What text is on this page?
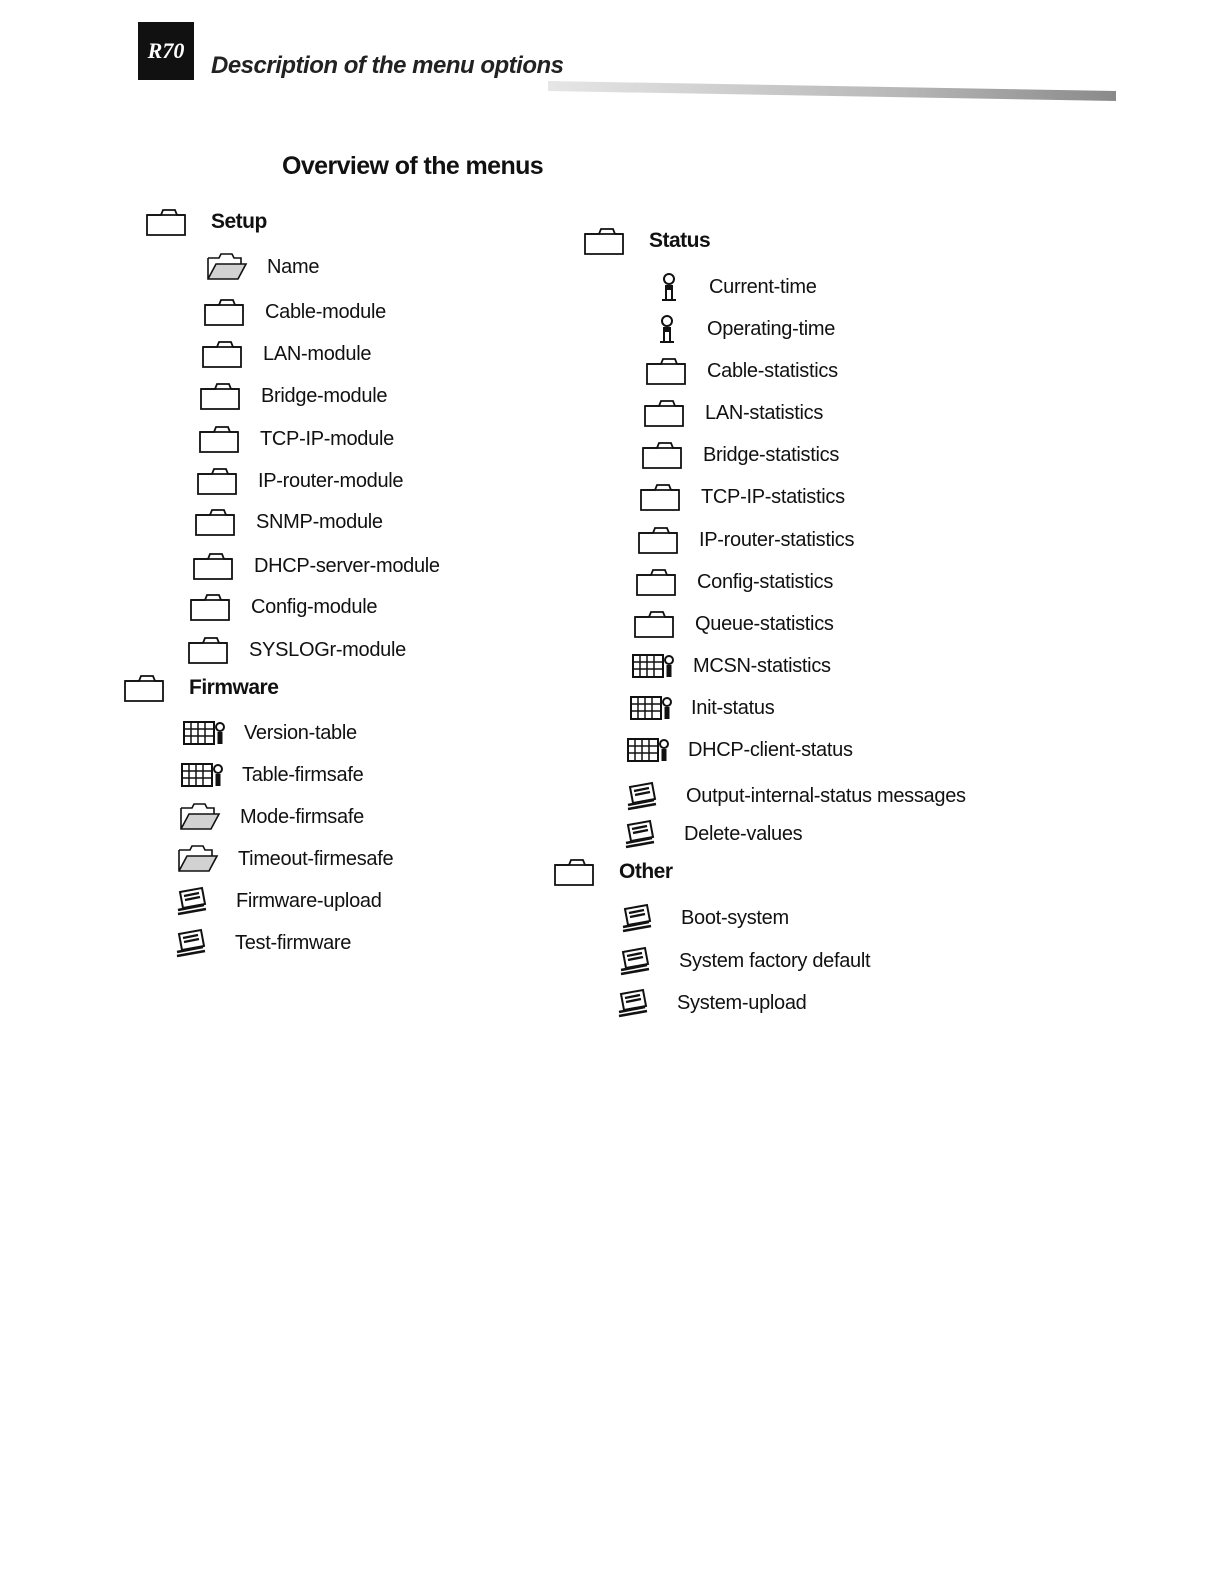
R70
Description of the menu options
Overview of the menus
Setup
Name
Cable-module
LAN-module
Bridge-module
TCP-IP-module
IP-router-module
SNMP-module
DHCP-server-module
Config-module
SYSLOGr-module
Firmware
Version-table
Table-firmsafe
Mode-firmsafe
Timeout-firmesafe
Firmware-upload
Test-firmware
Status
Current-time
Operating-time
Cable-statistics
LAN-statistics
Bridge-statistics
TCP-IP-statistics
IP-router-statistics
Config-statistics
Queue-statistics
MCSN-statistics
Init-status
DHCP-client-status
Output-internal-status messages
Delete-values
Other
Boot-system
System factory default
System-upload
